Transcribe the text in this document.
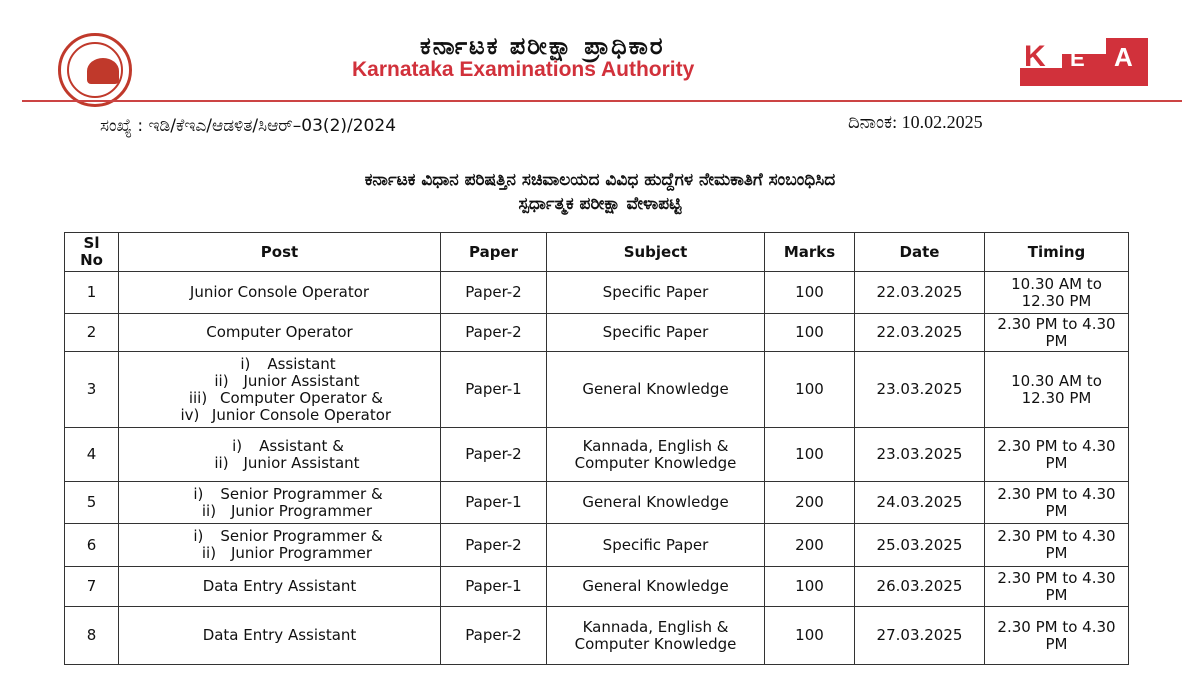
ಕರ್ನಾಟಕ ಪರೀಕ್ಷಾ ಪ್ರಾಧಿಕಾರ
Karnataka Examinations Authority	K E A
ಸಂಖ್ಯೆ : ಇಡಿ/ಕೆಇಎ/ಆಡಳಿತ/ಸಿಆರ್–03(2)/2024	ದಿನಾಂಕ: 10.02.2025
ಕರ್ನಾಟಕ ವಿಧಾನ ಪರಿಷತ್ತಿನ ಸಚಿವಾಲಯದ ವಿವಿಧ ಹುದ್ದೆಗಳ ನೇಮಕಾತಿಗೆ ಸಂಬಂಧಿಸಿದ
ಸ್ಪರ್ಧಾತ್ಮಕ ಪರೀಕ್ಷಾ ವೇಳಾಪಟ್ಟಿ
Sl
No	Post	Paper	Subject	Marks	Date	Timing
1	Junior Console Operator	Paper-2	Specific Paper	100	22.03.2025	10.30 AM to 12.30 PM
2	Computer Operator	Paper-2	Specific Paper	100	22.03.2025	2.30 PM to 4.30 PM
3	i) Assistant
ii) Junior Assistant
iii) Computer Operator &
iv) Junior Console Operator	Paper-1	General Knowledge	100	23.03.2025	10.30 AM to 12.30 PM
4	i) Assistant &
ii) Junior Assistant	Paper-2	Kannada, English & Computer Knowledge	100	23.03.2025	2.30 PM to 4.30 PM
5	i) Senior Programmer &
ii) Junior Programmer	Paper-1	General Knowledge	200	24.03.2025	2.30 PM to 4.30 PM
6	i) Senior Programmer &
ii) Junior Programmer	Paper-2	Specific Paper	200	25.03.2025	2.30 PM to 4.30 PM
7	Data Entry Assistant	Paper-1	General Knowledge	100	26.03.2025	2.30 PM to 4.30 PM
8	Data Entry Assistant	Paper-2	Kannada, English & Computer Knowledge	100	27.03.2025	2.30 PM to 4.30 PM
